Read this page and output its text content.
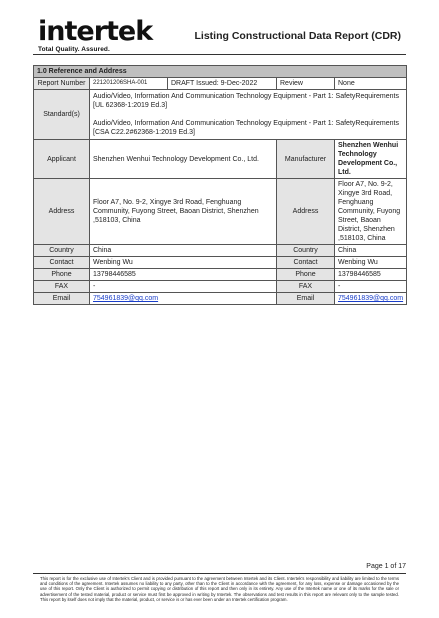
intertek
Total Quality. Assured.
Listing Constructional Data Report (CDR)
1.0 Reference and Address				
Report Number	221201206SHA-001	DRAFT Issued: 9-Dec-2022	Review	None
Standard(s)	Audio/Video, Information And Communication Technology Equipment - Part 1: SafetyRequirements [UL 62368-1:2019 Ed.3]

Audio/Video, Information And Communication Technology Equipment - Part 1: SafetyRequirements [CSA C22.2#62368-1:2019 Ed.3]			

Applicant	Shenzhen Wenhui Technology Development Co., Ltd.		Manufacturer	Shenzhen Wenhui Technology Development Co., Ltd.
Address	Floor A7, No. 9-2, Xingye 3rd Road, Fenghuang Community, Fuyong Street, Baoan District, Shenzhen ,518103, China		Address	Floor A7, No. 9-2, Xingye 3rd Road, Fenghuang Community, Fuyong Street, Baoan District, Shenzhen ,518103, China
Country	China		Country	China
Contact	Wenbing Wu		Contact	Wenbing Wu
Phone	13798446585		Phone	13798446585
FAX	-		FAX	-
Email	754961839@qq.com		Email	754961839@qq.com
Page 1 of 17
This report is for the exclusive use of Intertek's Client and is provided pursuant to the agreement between Intertek and its Client. Intertek's responsibility and liability are limited to the terms and conditions of the agreement. Intertek assumes no liability to any party, other than to the Client in accordance with the agreement, for any loss, expense or damage occasioned by the use of this report. Only the Client is authorized to permit copying or distribution of this report and then only in its entirety. Any use of the Intertek name or one of its marks for the sale or advertisement of the tested material, product or service must first be approved in writing by Intertek. The observations and test results in this report are relevant only to the sample tested. This report by itself does not imply that the material, product, or service is or has ever been under an Intertek certification program.
